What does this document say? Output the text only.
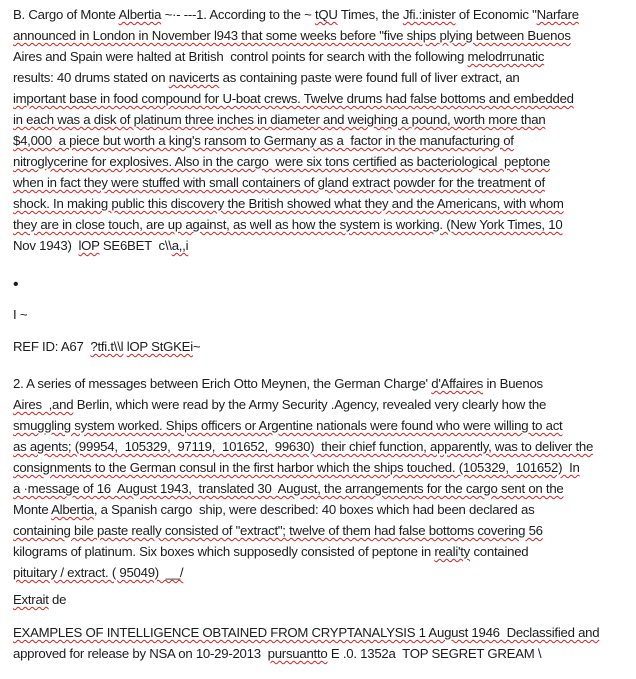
B. Cargo of Monte Albertia ~·- ---1. According to the ~ tQU Times, the Jfi.:inister of Economic "Narfare
announced in London in November l943 that some weeks before "five ships plying between Buenos
Aires and Spain were halted at British  control points for search with the following melodrrunatic
results: 40 drums stated on navicerts as containing paste were found full of liver extract, an
important base in food compound for U-boat crews. Twelve drums had false bottoms and embedded
in each was a disk of platinum three inches in diameter and weighing a pound, worth more than
$4,000  a piece but worth a king's ransom to Germany as a  factor in the manufacturing of
nitroglycerine for explosives. Also in the cargo  were six tons certified as bacteriological  peptone
when in fact they were stuffed with small containers of gland extract powder for the treatment of
shock. In making public this discovery the British showed what they and the Americans, with whom
they are in close touch, are up against, as well as how the system is working. (New York Times, 10
Nov 1943)  lOP SE6BET  c\\a,,i
•
I ~
REF ID: A67  ?tfi.t\\l lOP StGKEi~
2. A series of messages between Erich Otto Meynen, the German Charge' d'Affaires in Buenos
Aires  ,and Berlin, which were read by the Army Security .Agency, revealed very clearly how the
smuggling system worked. Ships officers or Argentine nationals were found who were willing to act
as agents; (99954,  105329,  97119,  101652,  99630)  their chief function, apparently, was to deliver the
consignments to the German consul in the first harbor which the ships touched. (105329,  101652)  In
a ·message of 16  August 1943,  translated 30  August, the arrangements for the cargo sent on the
Monte Albertia, a Spanish cargo  ship, were described: 40 boxes which had been declared as
containing bile paste really consisted of "extract"; twelve of them had false bottoms covering 56
kilograms of platinum. Six boxes which supposedly consisted of peptone in reali'ty contained
pituitary / extract. ( 95049)  __/
Extrait de
EXAMPLES OF INTELLIGENCE OBTAINED FROM CRYPTANALYSIS 1 August 1946  Declassified and
approved for release by NSA on 10-29-2013  pursuantto E .0. 1352a  TOP SEGRET GREAM \
